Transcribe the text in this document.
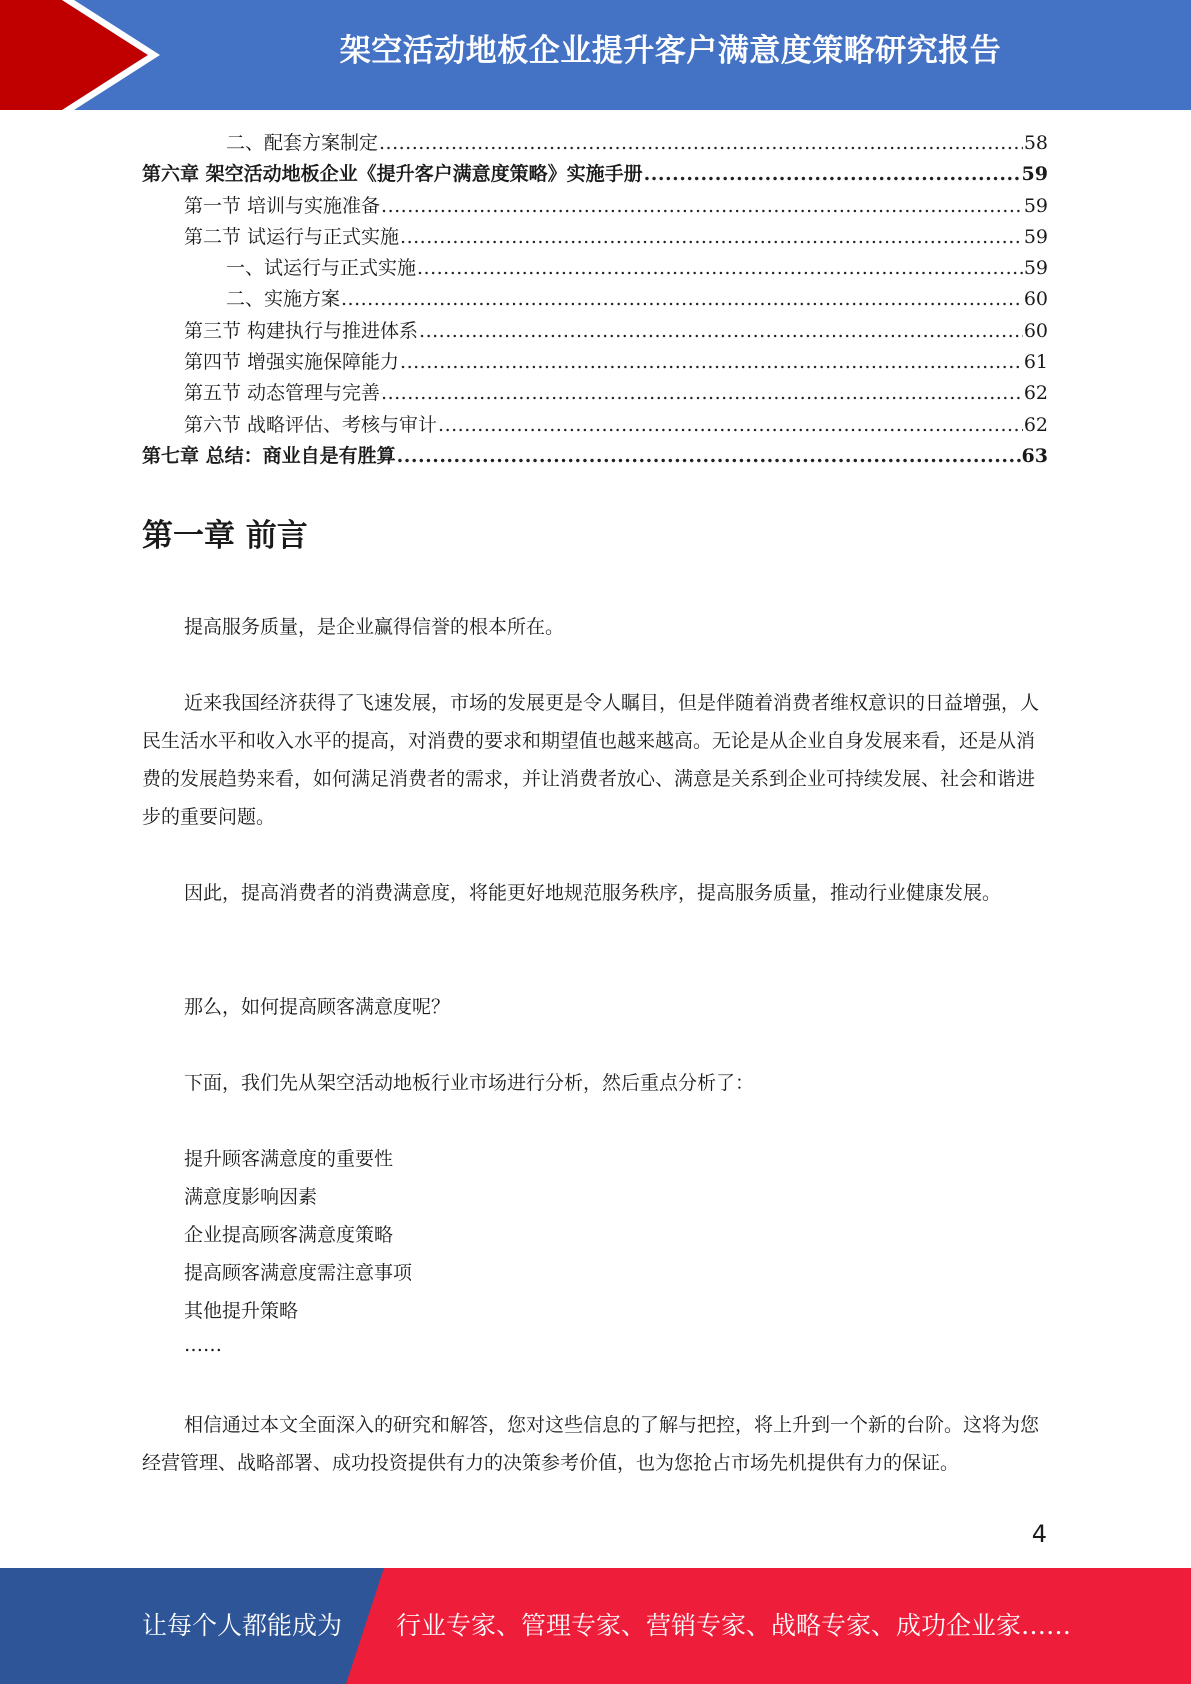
架空活动地板企业提升客户满意度策略研究报告
二、配套方案制定 .....	58
第六章 架空活动地板企业《提升客户满意度策略》实施手册 .....	59
第一节 培训与实施准备 .....	59
第二节 试运行与正式实施 .....	59
一、试运行与正式实施 .....	59
二、实施方案 .....	60
第三节 构建执行与推进体系 .....	60
第四节 增强实施保障能力 .....	61
第五节 动态管理与完善 .....	62
第六节 战略评估、考核与审计 .....	62
第七章 总结：商业自是有胜算 .....	63
第一章 前言

提高服务质量，是企业赢得信誉的根本所在。

近来我国经济获得了飞速发展，市场的发展更是令人瞩目，但是伴随着消费者维权意识的日益增强，人民生活水平和收入水平的提高，对消费的要求和期望值也越来越高。无论是从企业自身发展来看，还是从消费的发展趋势来看，如何满足消费者的需求，并让消费者放心、满意是关系到企业可持续发展、社会和谐进步的重要问题。

因此，提高消费者的消费满意度，将能更好地规范服务秩序，提高服务质量，推动行业健康发展。

那么，如何提高顾客满意度呢？

下面，我们先从架空活动地板行业市场进行分析，然后重点分析了：

提升顾客满意度的重要性

满意度影响因素

企业提高顾客满意度策略

提高顾客满意度需注意事项

其他提升策略

……

相信通过本文全面深入的研究和解答，您对这些信息的了解与把控，将上升到一个新的台阶。这将为您经营管理、战略部署、成功投资提供有力的决策参考价值，也为您抢占市场先机提供有力的保证。

4
让每个人都能成为 行业专家、管理专家、营销专家、战略专家、成功企业家……
